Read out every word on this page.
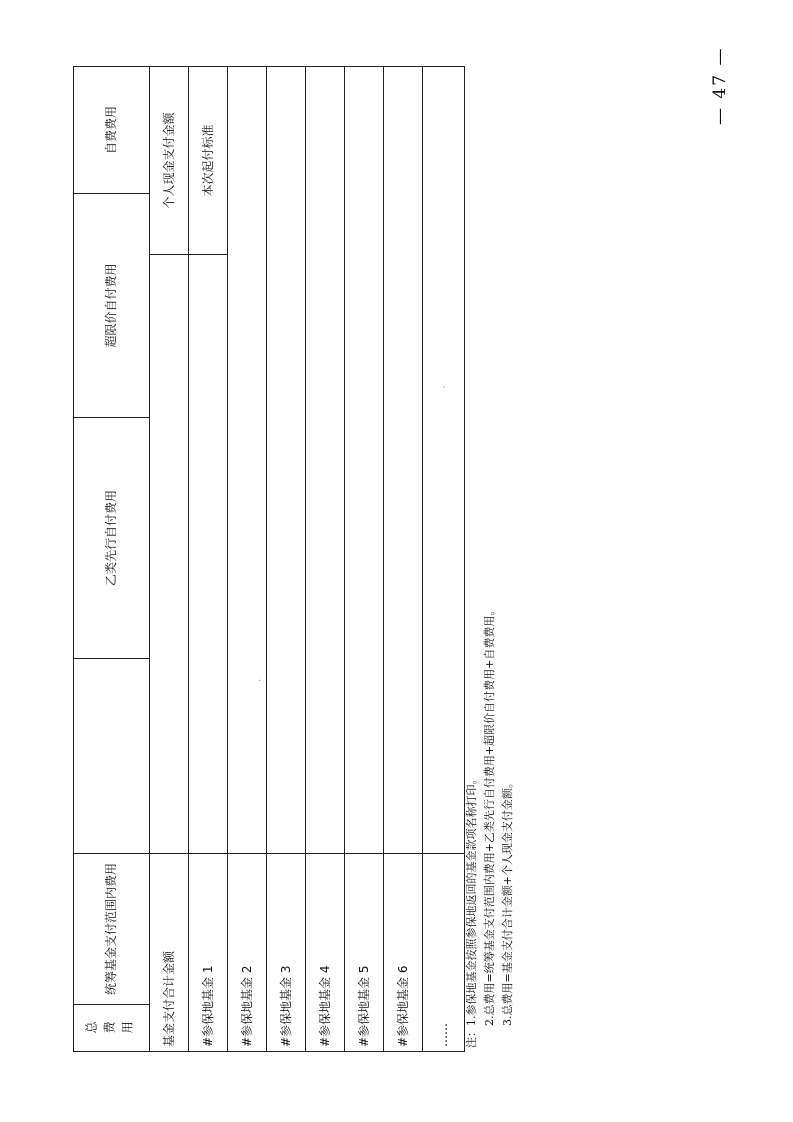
ˋ
·
总费用	统筹基金支付范围内费用		乙类先行自付费用	超限价自付费用		自费费用
基金支付合计金额					个人现金支付金额	
#参保地基金 1					本次起付标准	
#参保地基金 2						
#参保地基金 3						
#参保地基金 4						
#参保地基金 5						
#参保地基金 6						
……						注：1.参保地基金按照参保地返回的基金款项名称打印。 2.总费用=统筹基金支付范围内费用+乙类先行自付费用+超限价自付费用+自费费用。 3.总费用=基金支付合计金额+个人现金支付金额。
— 47 —
